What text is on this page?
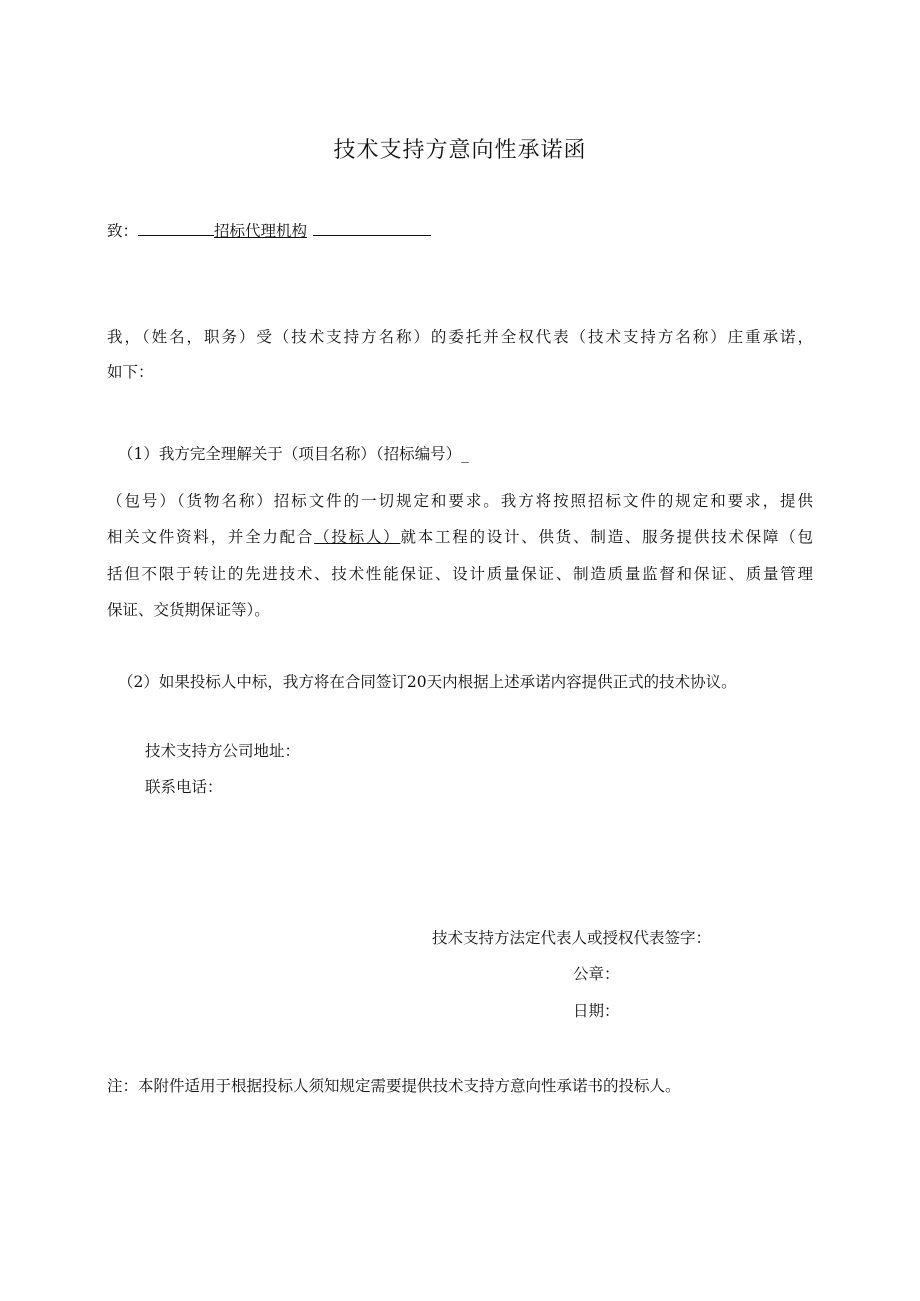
技术支持方意向性承诺函
致：	招标代理机构
我，（姓名，职务）受（技术支持方名称）的委托并全权代表（技术支持方名称）庄重承诺，
如下：
（1）我方完全理解关于（项目名称）（招标编号）_
（包号）（货物名称）招标文件的一切规定和要求。我方将按照招标文件的规定和要求，提供
相关文件资料，并全力配合（投标人）就本工程的设计、供货、制造、服务提供技术保障（包
括但不限于转让的先进技术、技术性能保证、设计质量保证、制造质量监督和保证、质量管理
保证、交货期保证等）。
（2）如果投标人中标，我方将在合同签订20天内根据上述承诺内容提供正式的技术协议。
技术支持方公司地址：
联系电话：
技术支持方法定代表人或授权代表签字：
公章：
日期：
注：本附件适用于根据投标人须知规定需要提供技术支持方意向性承诺书的投标人。
